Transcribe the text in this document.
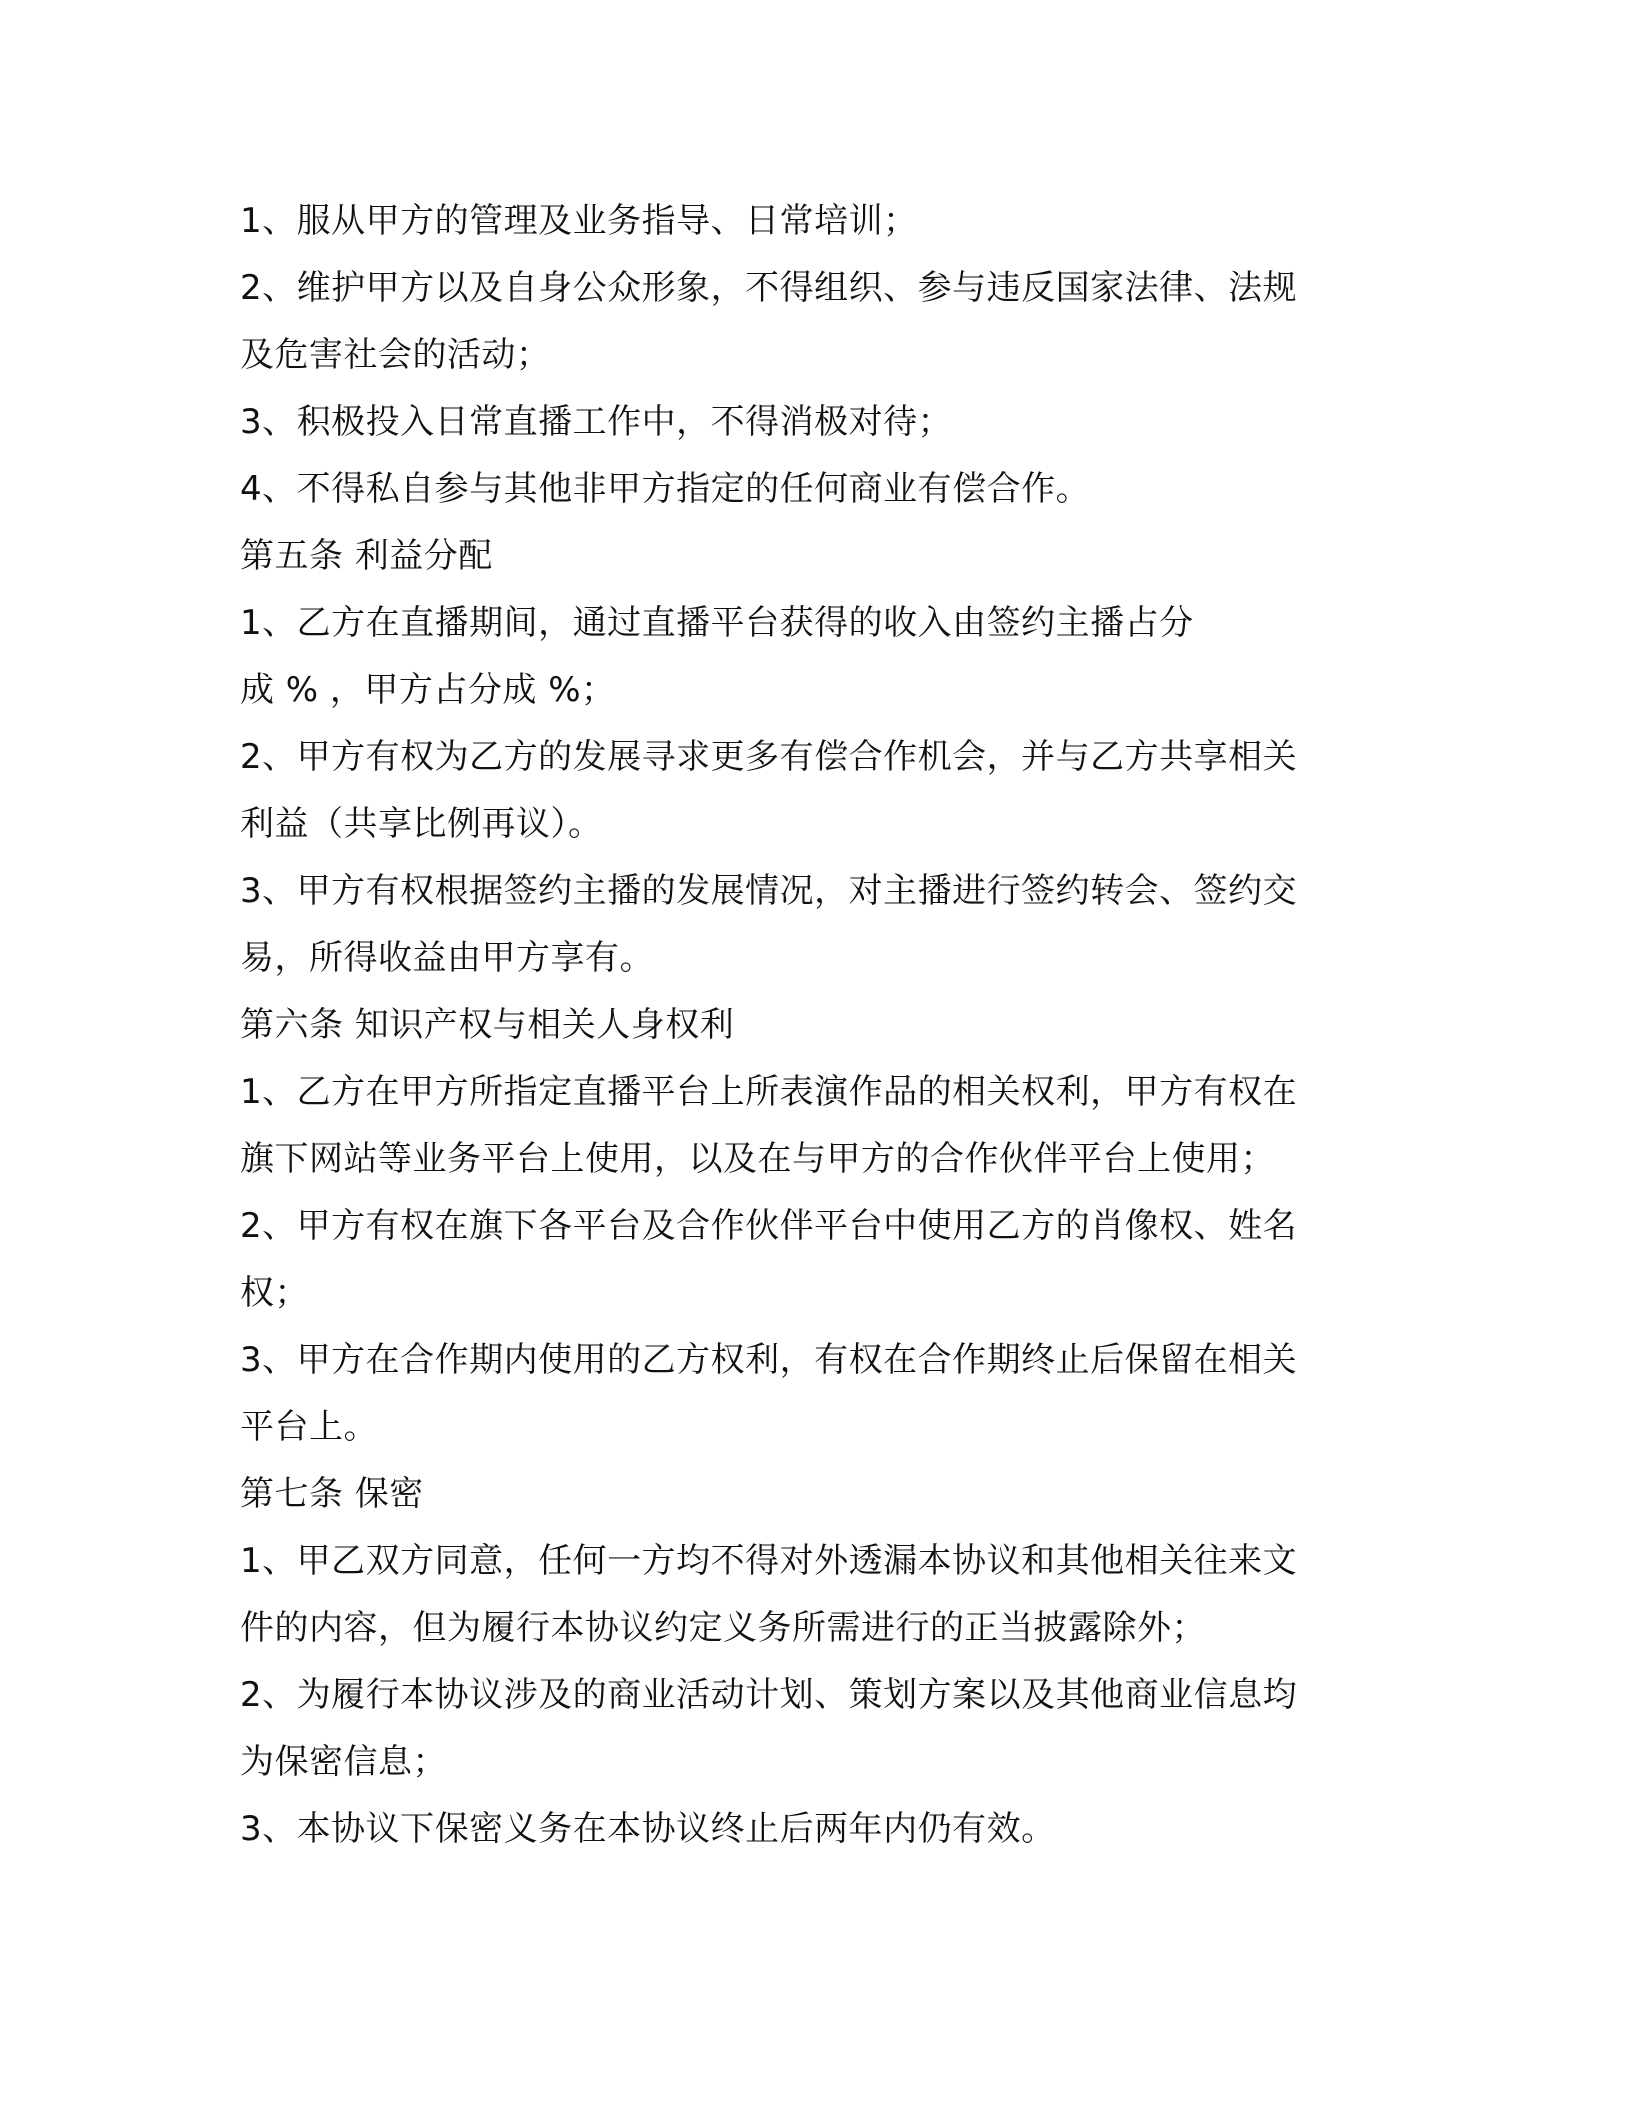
1、服从甲方的管理及业务指导、日常培训；
2、维护甲方以及自身公众形象，不得组织、参与违反国家法律、法规
及危害社会的活动；
3、积极投入日常直播工作中，不得消极对待；
4、不得私自参与其他非甲方指定的任何商业有偿合作。
第五条 利益分配
1、乙方在直播期间，通过直播平台获得的收入由签约主播占分
成 % ，甲方占分成 %；
2、甲方有权为乙方的发展寻求更多有偿合作机会，并与乙方共享相关
利益（共享比例再议）。
3、甲方有权根据签约主播的发展情况，对主播进行签约转会、签约交
易，所得收益由甲方享有。
第六条 知识产权与相关人身权利
1、乙方在甲方所指定直播平台上所表演作品的相关权利，甲方有权在
旗下网站等业务平台上使用，以及在与甲方的合作伙伴平台上使用；
2、甲方有权在旗下各平台及合作伙伴平台中使用乙方的肖像权、姓名
权；
3、甲方在合作期内使用的乙方权利，有权在合作期终止后保留在相关
平台上。
第七条 保密
1、甲乙双方同意，任何一方均不得对外透漏本协议和其他相关往来文
件的内容，但为履行本协议约定义务所需进行的正当披露除外；
2、为履行本协议涉及的商业活动计划、策划方案以及其他商业信息均
为保密信息；
3、本协议下保密义务在本协议终止后两年内仍有效。
